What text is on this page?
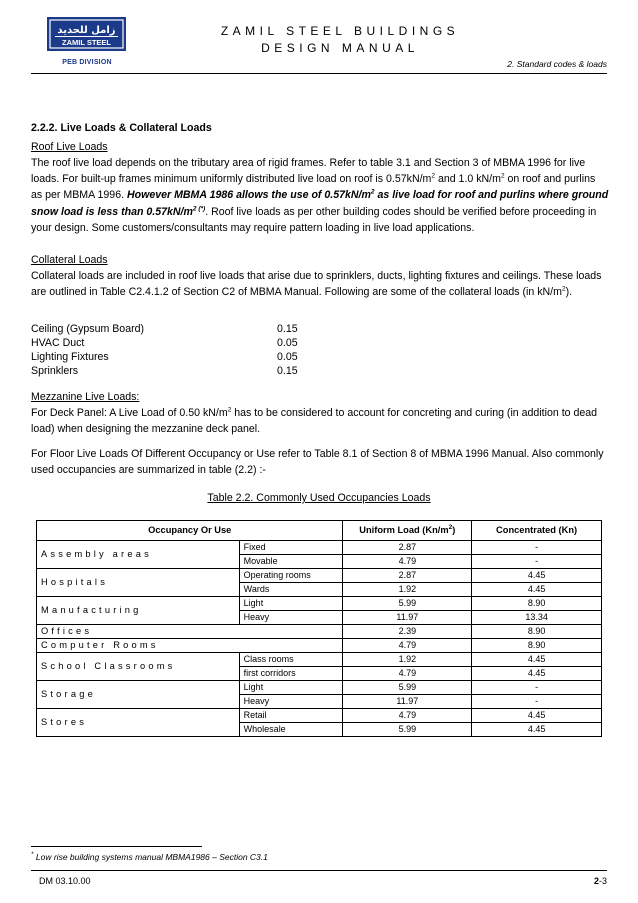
زامل للحديد
ZAMIL STEEL
PEB DIVISION
ZAMIL STEEL BUILDINGS
DESIGN MANUAL
2. Standard codes & loads
2.2.2. Live Loads & Collateral Loads
Roof Live Loads

The roof live load depends on the tributary area of rigid frames. Refer to table 3.1 and Section 3 of MBMA 1996 for live loads. For built-up frames minimum uniformly distributed live load on roof is $0.57kN/m^2$ and 1.0 $kN/m^2$ on roof and purlins as per MBMA 1996. However MBMA 1986 allows the use of $0.57kN/m^2$ as live load for roof and purlins where ground snow load is less than $0.57kN/m^{2 (*)}$. Roof live loads as per other building codes should be verified before proceeding in your design. Some customers/consultants may require pattern loading in live load applications.

Collateral Loads

Collateral loads are included in roof live loads that arise due to sprinklers, ducts, lighting fixtures and ceilings. These loads are outlined in Table C2.4.1.2 of Section C2 of MBMA Manual. Following are some of the collateral loads (in $kN/m^2$).

Ceiling (Gypsum Board)	0.15
HVAC Duct	0.05
Lighting Fixtures	0.05
Sprinklers	0.15
Mezzanine Live Loads:

For Deck Panel: A Live Load of 0.50 $kN/m^2$ has to be considered to account for concreting and curing (in addition to dead load) when designing the mezzanine deck panel.

For Floor Live Loads Of Different Occupancy or Use refer to Table 8.1 of Section 8 of MBMA 1996 Manual. Also commonly used occupancies are summarized in table (2.2) :-

Table 2.2. Commonly Used Occupancies Loads
Occupancy Or Use		Uniform Load $(Kn/m^2)$	Concentrated (Kn)
Assembly areas	Fixed	2.87	-
	Movable	4.79	-
Hospitals	Operating rooms	2.87	4.45
	Wards	1.92	4.45
Manufacturing	Light	5.99	8.90
	Heavy	11.97	13.34
Offices		2.39	8.90
Computer Rooms		4.79	8.90
School Classrooms	Class rooms	1.92	4.45
	first corridors	4.79	4.45
Storage	Light	5.99	-
	Heavy	11.97	-
Stores	Retail	4.79	4.45
	Wholesale	5.99	4.45
* Low rise building systems manual MBMA1986 – Section C3.1
DM 03.10.00	2-3
